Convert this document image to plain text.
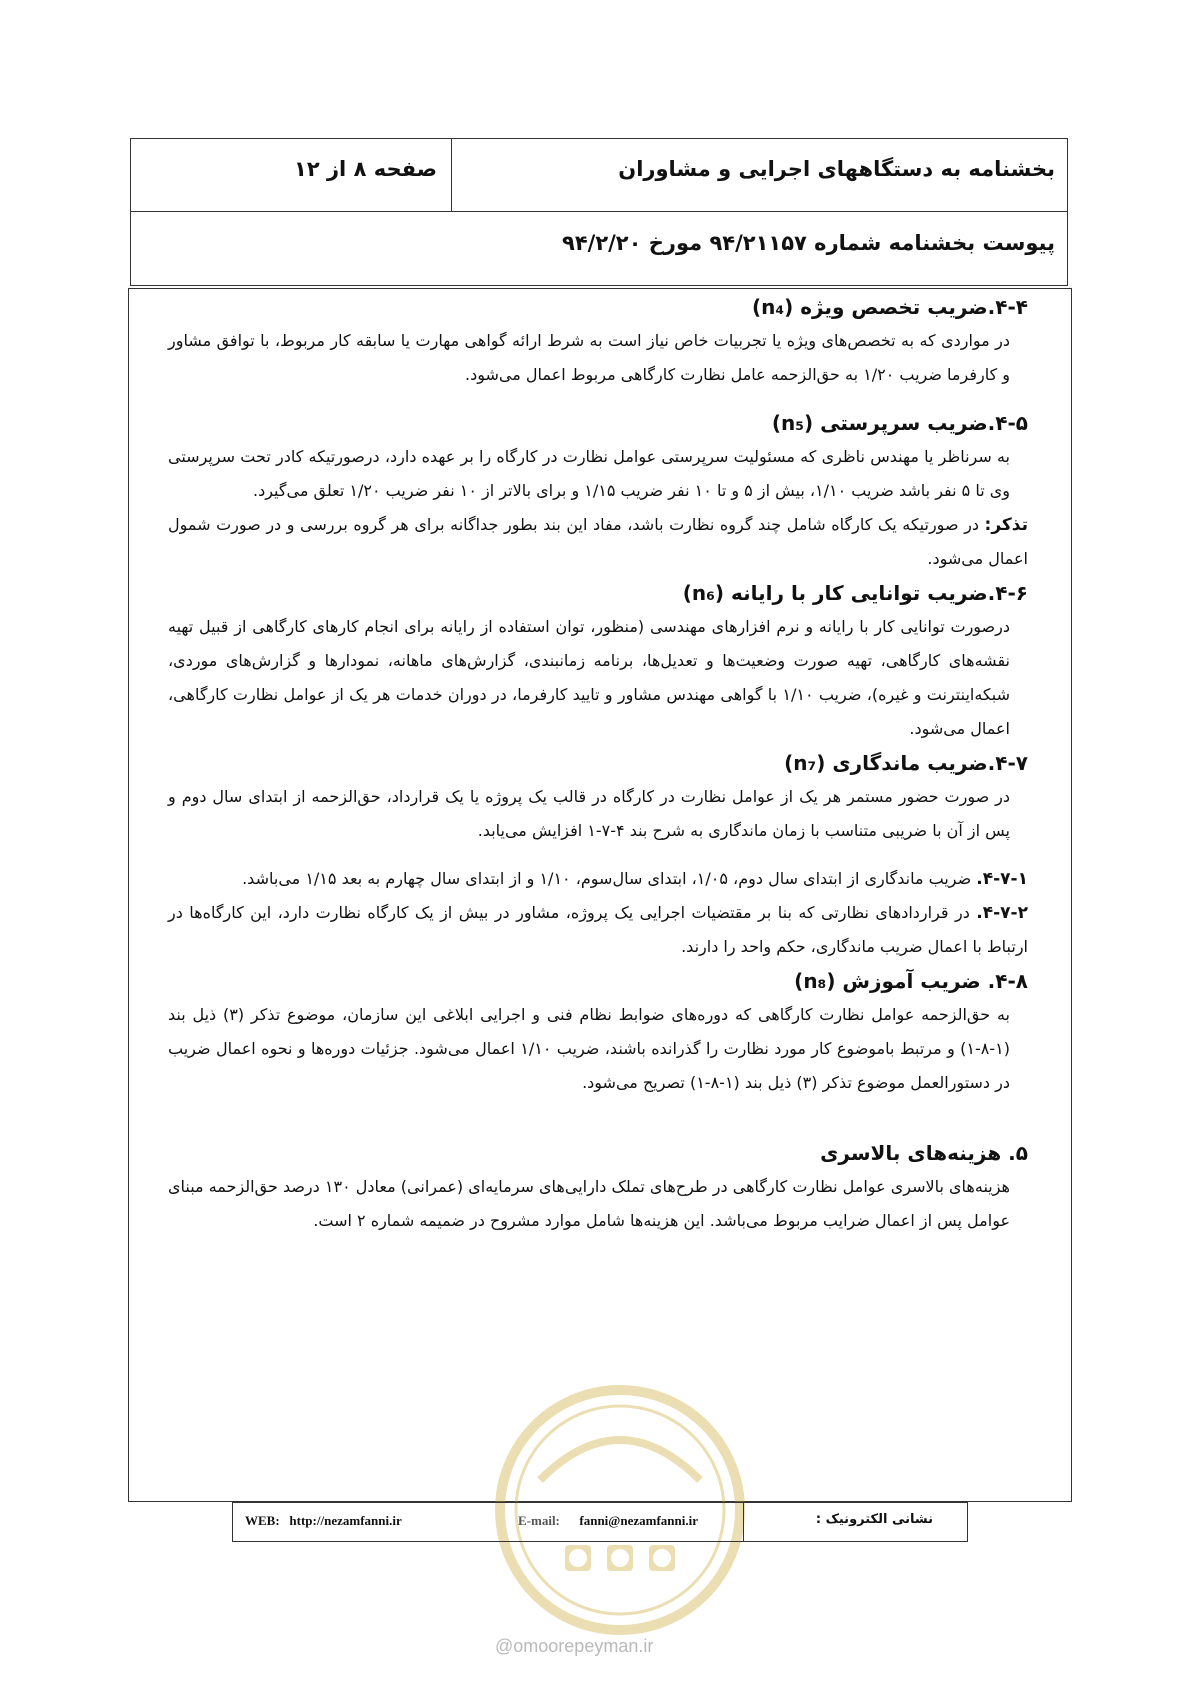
بخشنامه به دستگاههای اجرایی و مشاوران
صفحه ۸ از ۱۲
پیوست بخشنامه شماره ۹۴/۲۱۱۵۷ مورخ ۹۴/۲/۲۰

۴-۴.ضریب تخصص ویژه (n₄)

در مواردی که به تخصص‌های ویژه یا تجربیات خاص نیاز است به شرط ارائه گواهی مهارت یا سابقه کار مربوط، با توافق مشاور و کارفرما ضریب ۱/۲۰ به حق‌الزحمه عامل نظارت کارگاهی مربوط اعمال می‌شود.

۴-۵.ضریب سرپرستی (n₅)

به سرناظر یا مهندس ناظری که مسئولیت سرپرستی عوامل نظارت در کارگاه را بر عهده دارد، درصورتیکه کادر تحت سرپرستی وی تا ۵ نفر باشد ضریب ۱/۱۰، بیش از ۵ و تا ۱۰ نفر ضریب ۱/۱۵ و برای بالاتر از ۱۰ نفر ضریب ۱/۲۰ تعلق می‌گیرد.

تذکر: در صورتیکه یک کارگاه شامل چند گروه نظارت باشد، مفاد این بند بطور جداگانه برای هر گروه بررسی و در صورت شمول اعمال می‌شود.

۴-۶.ضریب توانایی کار با رایانه (n₆)

درصورت توانایی کار با رایانه و نرم افزارهای مهندسی (منظور، توان استفاده از رایانه برای انجام کارهای کارگاهی از قبیل تهیه نقشه‌های کارگاهی، تهیه صورت وضعیت‌ها و تعدیل‌ها، برنامه زمانبندی، گزارش‌های ماهانه، نمودارها و گزارش‌های موردی، شبکه‌اینترنت و غیره)، ضریب ۱/۱۰ با گواهی مهندس مشاور و تایید کارفرما، در دوران خدمات هر یک از عوامل نظارت کارگاهی، اعمال می‌شود.

۴-۷.ضریب ماندگاری (n₇)

در صورت حضور مستمر هر یک از عوامل نظارت در کارگاه در قالب یک پروژه یا یک قرارداد، حق‌الزحمه از ابتدای سال دوم و پس از آن با ضریبی متناسب با زمان ماندگاری به شرح بند ۴-۷-۱ افزایش می‌یابد.

۴-۷-۱. ضریب ماندگاری از ابتدای سال دوم، ۱/۰۵، ابتدای سال‌سوم، ۱/۱۰ و از ابتدای سال چهارم به بعد ۱/۱۵ می‌باشد.

۴-۷-۲. در قراردادهای نظارتی که بنا بر مقتضیات اجرایی یک پروژه، مشاور در بیش از یک کارگاه نظارت دارد، این کارگاه‌ها در ارتباط با اعمال ضریب ماندگاری، حکم واحد را دارند.

۴-۸. ضریب آموزش (n₈)

به حق‌الزحمه عوامل نظارت کارگاهی که دوره‌های ضوابط نظام فنی و اجرایی ابلاغی این سازمان، موضوع تذکر (۳) ذیل بند (۱-۸-۱) و مرتبط باموضوع کار مورد نظارت را گذرانده باشند، ضریب ۱/۱۰ اعمال می‌شود. جزئیات دوره‌ها و نحوه اعمال ضریب در دستورالعمل موضوع تذکر (۳) ذیل بند (۱-۸-۱) تصریح می‌شود.

۵. هزینه‌های بالاسری

هزینه‌های بالاسری عوامل نظارت کارگاهی در طرح‌های تملک دارایی‌های سرمایه‌ای (عمرانی) معادل ۱۳۰ درصد حق‌الزحمه مبنای عوامل پس از اعمال ضرایب مربوط می‌باشد. این هزینه‌ها شامل موارد مشروح در ضمیمه شماره ۲ است.

WEB: http://nezamfanni.ir	E-mail: fanni@nezamfanni.ir	نشانی الکترونیک :
@omoorepeyman.ir
